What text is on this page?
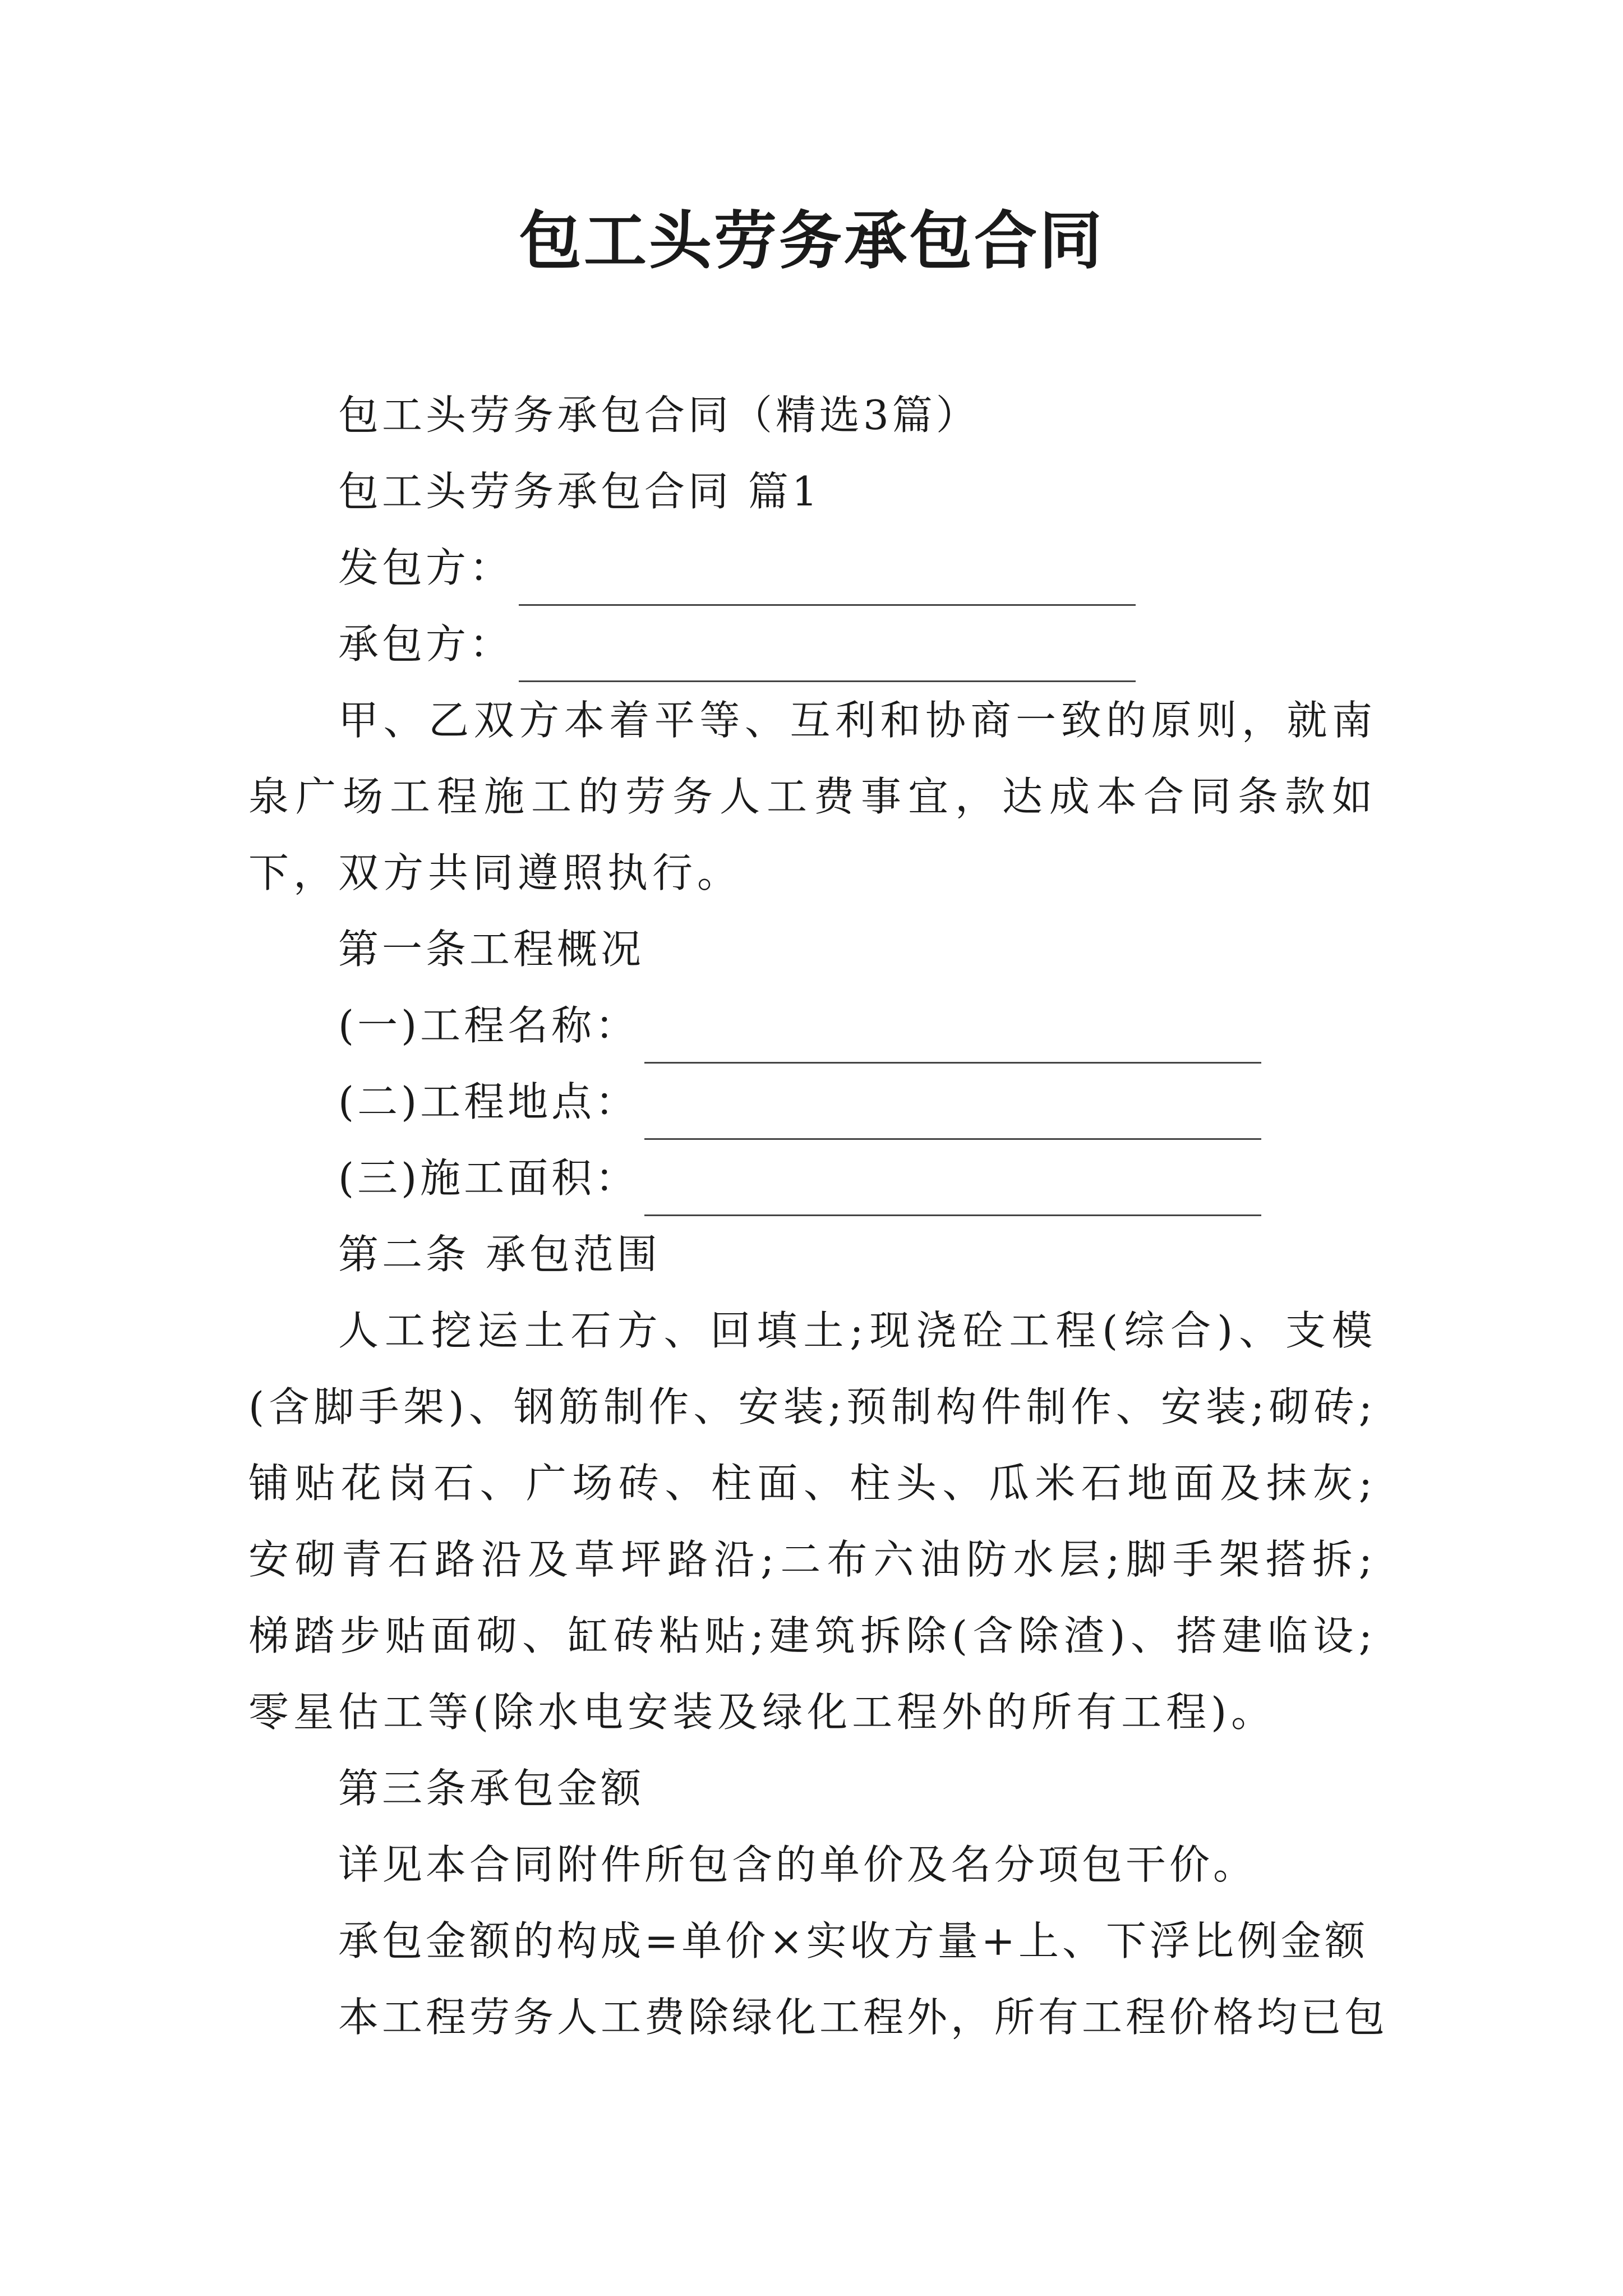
包工头劳务承包合同

包工头劳务承包合同（精选3篇）

包工头劳务承包合同 篇1

发包方：
承包方：

甲、乙双方本着平等、互利和协商一致的原则，就南泉广场工程施工的劳务人工费事宜，达成本合同条款如下，双方共同遵照执行。

第一条工程概况

(一)工程名称：
(二)工程地点：
(三)施工面积：

第二条 承包范围

人工挖运土石方、回填土;现浇砼工程(综合)、支模(含脚手架)、钢筋制作、安装;预制构件制作、安装;砌砖;铺贴花岗石、广场砖、柱面、柱头、瓜米石地面及抹灰;安砌青石路沿及草坪路沿;二布六油防水层;脚手架搭拆;梯踏步贴面砌、缸砖粘贴;建筑拆除(含除渣)、搭建临设;零星估工等(除水电安装及绿化工程外的所有工程)。

第三条承包金额

详见本合同附件所包含的单价及名分项包干价。

承包金额的构成=单价×实收方量+上、下浮比例金额

本工程劳务人工费除绿化工程外，所有工程价格均已包
